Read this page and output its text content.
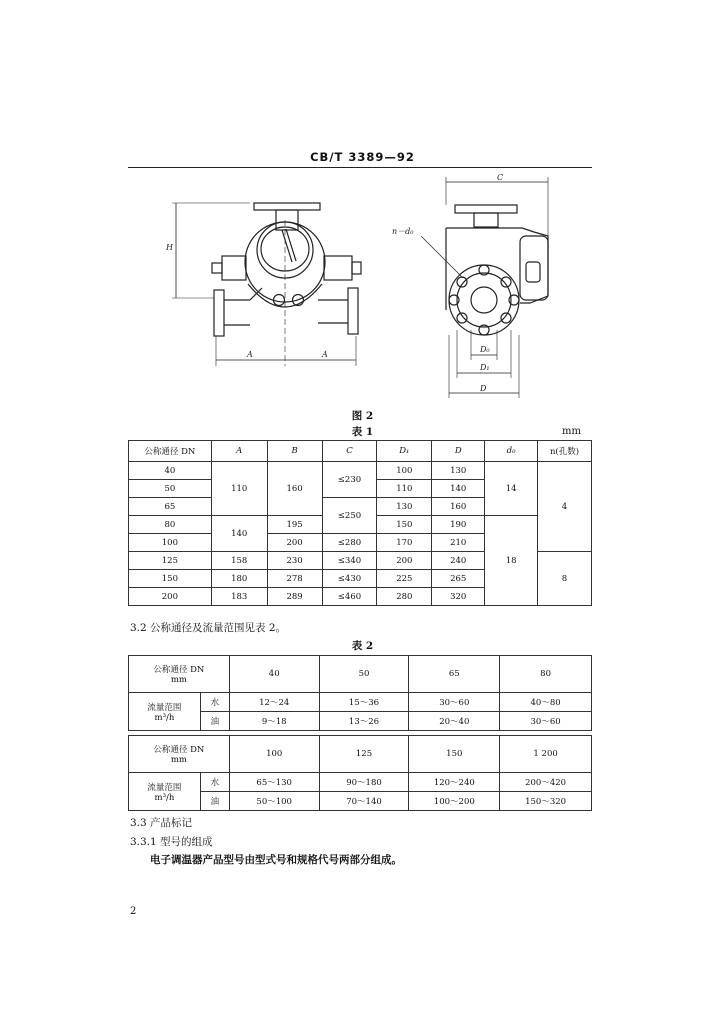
CB/T 3389—92
A	A
H
C
n－d₀
D₀
D₁
D
图 2
表 1	mm
公称通径 DN	A	B	C	D₁	D	d₀	n(孔数)
40	110	160	≤230	100	130	14	4
50				110	140		
65			≤250	130	160		
80	140	195		150	190	18	
100		200	≤280	170	210		
125	158	230	≤340	200	240		8
150	180	278	≤430	225	265		
200	183	289	≤460	280	320		
3.2 公称通径及流量范围见表 2。
表 2
公称通径 DN
mm		40	50	65	80

流量范围
m³/h	水	12～24	15～36	30～60	40～80
	油	9～18	13～26	20～40	30～60

公称通径 DN
mm		100	125	150	1 200

流量范围
m³/h	水	65～130	90～180	120～240	200～420
	油	50～100	70～140	100～200	150～320
3.3 产品标记
3.3.1 型号的组成
电子调温器产品型号由型式号和规格代号两部分组成。
2
